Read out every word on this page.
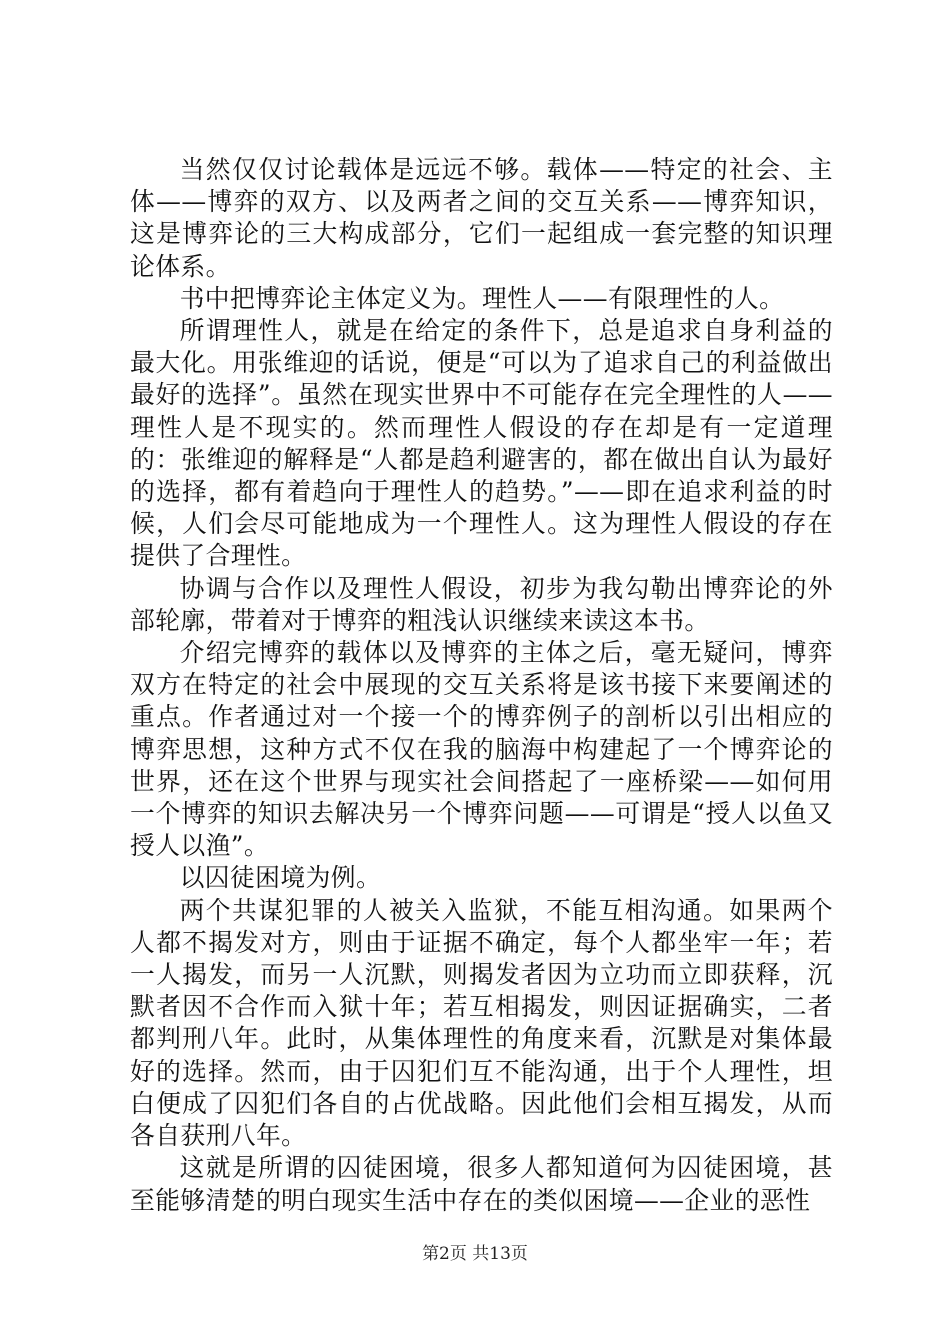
当然仅仅讨论载体是远远不够。载体——特定的社会、主体——博弈的双方、以及两者之间的交互关系——博弈知识，这是博弈论的三大构成部分，它们一起组成一套完整的知识理论体系。

书中把博弈论主体定义为。理性人——有限理性的人。

所谓理性人，就是在给定的条件下，总是追求自身利益的最大化。用张维迎的话说，便是“可以为了追求自己的利益做出最好的选择”。虽然在现实世界中不可能存在完全理性的人——理性人是不现实的。然而理性人假设的存在却是有一定道理的：张维迎的解释是“人都是趋利避害的，都在做出自认为最好的选择，都有着趋向于理性人的趋势。”——即在追求利益的时候，人们会尽可能地成为一个理性人。这为理性人假设的存在提供了合理性。

协调与合作以及理性人假设，初步为我勾勒出博弈论的外部轮廓，带着对于博弈的粗浅认识继续来读这本书。

介绍完博弈的载体以及博弈的主体之后，毫无疑问，博弈双方在特定的社会中展现的交互关系将是该书接下来要阐述的重点。作者通过对一个接一个的博弈例子的剖析以引出相应的博弈思想，这种方式不仅在我的脑海中构建起了一个博弈论的世界，还在这个世界与现实社会间搭起了一座桥梁——如何用一个博弈的知识去解决另一个博弈问题——可谓是“授人以鱼又授人以渔”。

以囚徒困境为例。

两个共谋犯罪的人被关入监狱，不能互相沟通。如果两个人都不揭发对方，则由于证据不确定，每个人都坐牢一年；若一人揭发，而另一人沉默，则揭发者因为立功而立即获释，沉默者因不合作而入狱十年；若互相揭发，则因证据确实，二者都判刑八年。此时，从集体理性的角度来看，沉默是对集体最好的选择。然而，由于囚犯们互不能沟通，出于个人理性，坦白便成了囚犯们各自的占优战略。因此他们会相互揭发，从而各自获刑八年。

这就是所谓的囚徒困境，很多人都知道何为囚徒困境，甚至能够清楚的明白现实生活中存在的类似困境——企业的恶性

第2页 共13页
